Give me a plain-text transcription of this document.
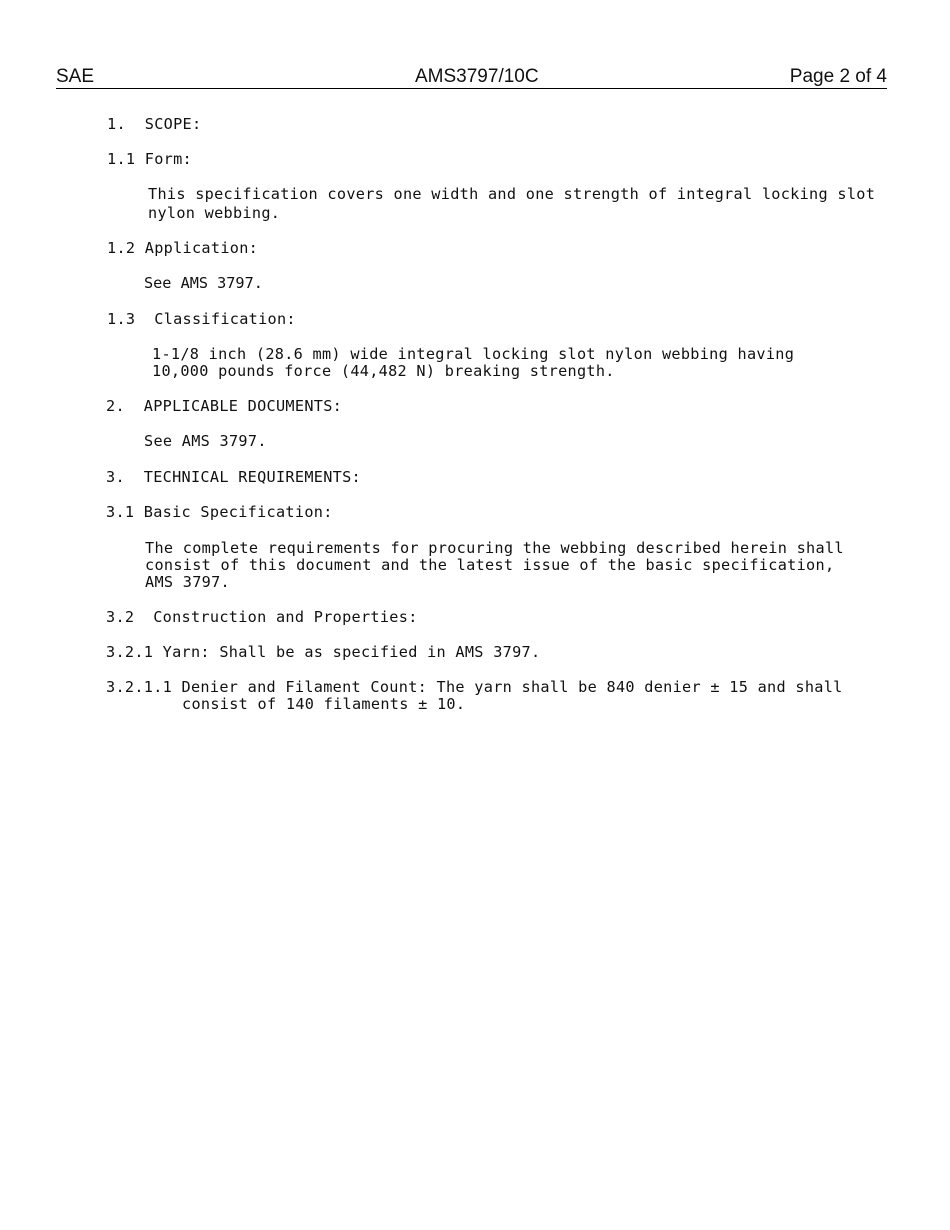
SAE	AMS3797/10C	Page 2 of 4

1.  SCOPE:

1.1 Form:

This specification covers one width and one strength of integral locking slot

nylon webbing.

1.2 Application:

See AMS 3797.

1.3  Classification:

1-1/8 inch (28.6 mm) wide integral locking slot nylon webbing having

10,000 pounds force (44,482 N) breaking strength.

2.  APPLICABLE DOCUMENTS:

See AMS 3797.

3.  TECHNICAL REQUIREMENTS:

3.1 Basic Specification:

The complete requirements for procuring the webbing described herein shall

consist of this document and the latest issue of the basic specification,

AMS 3797.

3.2  Construction and Properties:

3.2.1 Yarn: Shall be as specified in AMS 3797.

3.2.1.1 Denier and Filament Count: The yarn shall be 840 denier ± 15 and shall

consist of 140 filaments ± 10.
